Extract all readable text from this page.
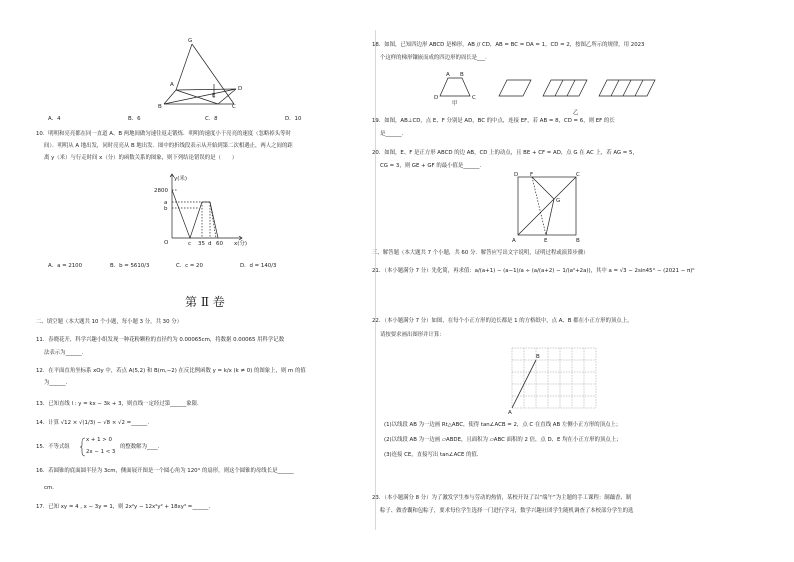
G
A
D
E
B	C
A．4	B．6	C．8	D．10
10．明明和亮亮都在同一直道 A、B 两地间做匀速往返走锻炼．明明的速度小于亮亮的速度（忽略掉头等时
间）．明明从 A 地出发，同时亮亮从 B 地出发．图中的折线段表示从开始到第二次相遇止，两人之间的距
离 y（米）与行走时间 x（分）的函数关系的图象，则下列结论错误的是（　　）
y(米)
2800
a
b
O	c 35 d 60 x(分)
A．a = 2100	B．b = 5610/3	C．c = 20	D．d = 140/3
第 Ⅱ 卷
二、填空题（本大题共 10 个小题，每小题 3 分，共 30 分）
11．春晓花开，科学兴趣小组发现一种花粉颗粒的直径约为 0.00065cm，将数据 0.00065 用科学记数
法表示为______.
12．在平面直角坐标系 xOy 中，若点 A(5,2) 和 B(m,−2) 在反比例函数 y = k/x (k ≠ 0) 的图象上，则 m 的值
为______.
13．已知直线 l : y = kx − 3k + 3，则直线一定经过第______象限.
14．计算 √12 × √(1/3) − √8 × √2 =______.
15．不等式组
x + 1 > 0
2x − 1 < 3
的整数解为____.
16．若圆锥的底面圆半径为 3cm，侧面展开图是一个圆心角为 120° 的扇形，则这个圆锥的母线长是______
cm.
17．已知 xy = 4 , x − 3y = 1，则 2x²y − 12x²y² + 18xy³ =______.
18．如图，已知四边形 ABCD 是梯形，AB // CD，AB = BC = DA = 1，CD = 2，按图乙所示的规律，用 2023
个这样的梯形镶嵌而成的四边形的周长是___.
A B
D	C
甲
乙
19．如图，AB⊥CD，点 E、F 分别是 AD，BC 的中点，连接 EF，若 AB = 8，CD = 6，则 EF 的长
是______.
20．如图，E、F 是正方形 ABCD 的边 AB，CD 上的动点，且 BE + CF = AD，点 G 在 AC 上，若 AG = 5，
CG = 3，则 GE + GF 的最小值是______.
D F	C
G
A	E	B
三、解答题（本大题共 7 个小题，共 60 分．解答应写出文字说明，证明过程或演算步骤）
21．（本小题满分 7 分）先化简，再求值：a/(a+1) − (a−1)/a ÷ (a/(a+2) − 1/(a²+2a))，其中 a = √3 − 2sin45° − (2021 − π)⁰
22．（本小题满分 7 分）如图，在每个小正方形的边长都是 1 的方格纸中，点 A、B 都在小正方形的顶点上，
请按要求画出图形并计算：
A
B
(1)以线段 AB 为一边画 Rt△ABC，使得 tan∠ACB = 2，点 C 在直线 AB 左侧小正方形的顶点上；
(2)以线段 AB 为一边画 ▱ABDE，且面积为 ▱ABC 面积的 2 倍，点 D、E 均在小正方形的顶点上；
(3)连接 CE，直接写出 tan∠ACE 的值.
23．（本小题满分 8 分）为了激发学生参与劳动的热情，某校开设了以“端午”为主题的手工课程：制藕香、制
粽子、做香囊和包粽子，要求每位学生选择一门进行学习，数学兴趣社团学生随机调查了本校部分学生的选
